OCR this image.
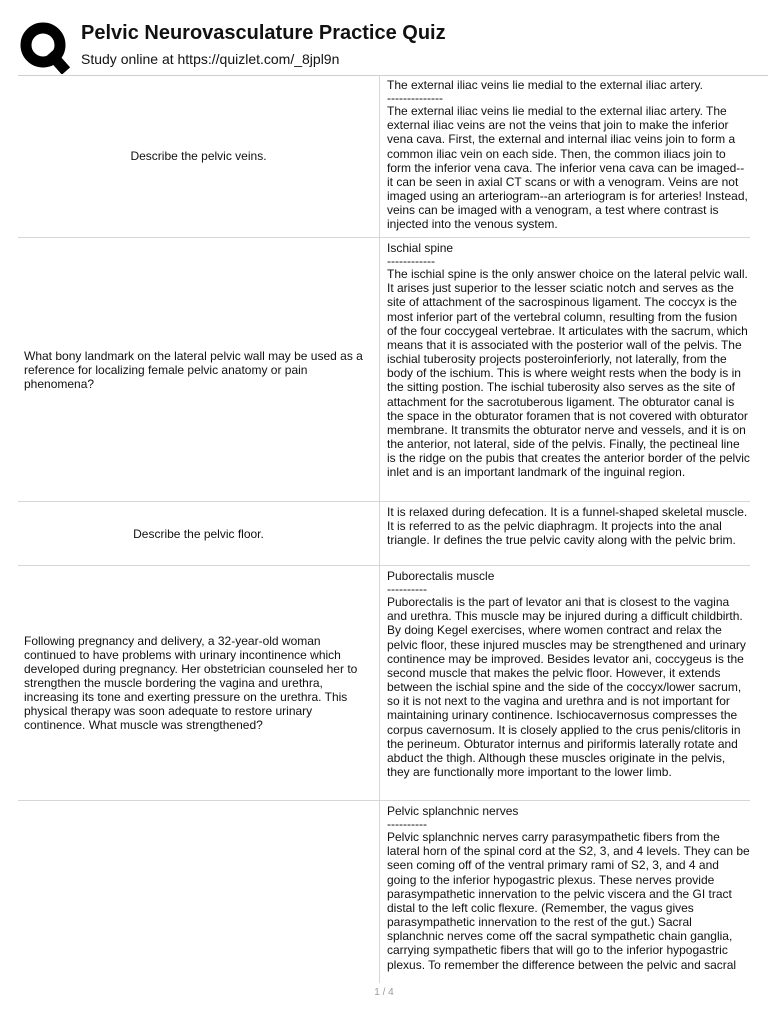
Pelvic Neurovasculature Practice Quiz
Study online at https://quizlet.com/_8jpl9n
Describe the pelvic veins.
The external iliac veins lie medial to the external iliac artery.
--------------
The external iliac veins lie medial to the external iliac artery. The external iliac veins are not the veins that join to make the inferior vena cava. First, the external and internal iliac veins join to form a common iliac vein on each side. Then, the common iliacs join to form the inferior vena cava. The inferior vena cava can be imaged--it can be seen in axial CT scans or with a venogram. Veins are not imaged using an arteriogram--an arteriogram is for arteries! Instead, veins can be imaged with a venogram, a test where contrast is injected into the venous system.
What bony landmark on the lateral pelvic wall may be used as a reference for localizing female pelvic anatomy or pain phenomena?
Ischial spine
------------
The ischial spine is the only answer choice on the lateral pelvic wall. It arises just superior to the lesser sciatic notch and serves as the site of attachment of the sacrospinous ligament. The coccyx is the most inferior part of the vertebral column, resulting from the fusion of the four coccygeal vertebrae. It articulates with the sacrum, which means that it is associated with the posterior wall of the pelvis. The ischial tuberosity projects posteroinferiorly, not laterally, from the body of the ischium. This is where weight rests when the body is in the sitting postion. The ischial tuberosity also serves as the site of attachment for the sacrotuberous ligament. The obturator canal is the space in the obturator foramen that is not covered with obturator membrane. It transmits the obturator nerve and vessels, and it is on the anterior, not lateral, side of the pelvis. Finally, the pectineal line is the ridge on the pubis that creates the anterior border of the pelvic inlet and is an important landmark of the inguinal region.
Describe the pelvic floor.
It is relaxed during defecation. It is a funnel-shaped skeletal muscle. It is referred to as the pelvic diaphragm. It projects into the anal triangle. Ir defines the true pelvic cavity along with the pelvic brim.
Following pregnancy and delivery, a 32-year-old woman continued to have problems with urinary incontinence which developed during pregnancy. Her obstetrician counseled her to strengthen the muscle bordering the vagina and urethra, increasing its tone and exerting pressure on the urethra. This physical therapy was soon adequate to restore urinary continence. What muscle was strengthened?
Puborectalis muscle
----------
Puborectalis is the part of levator ani that is closest to the vagina and urethra. This muscle may be injured during a difficult childbirth. By doing Kegel exercises, where women contract and relax the pelvic floor, these injured muscles may be strengthened and urinary continence may be improved. Besides levator ani, coccygeus is the second muscle that makes the pelvic floor. However, it extends between the ischial spine and the side of the coccyx/lower sacrum, so it is not next to the vagina and urethra and is not important for maintaining urinary continence. Ischiocavernosus compresses the corpus cavernosum. It is closely applied to the crus penis/clitoris in the perineum. Obturator internus and piriformis laterally rotate and abduct the thigh. Although these muscles originate in the pelvis, they are functionally more important to the lower limb.
Pelvic splanchnic nerves
----------
Pelvic splanchnic nerves carry parasympathetic fibers from the lateral horn of the spinal cord at the S2, 3, and 4 levels. They can be seen coming off of the ventral primary rami of S2, 3, and 4 and going to the inferior hypogastric plexus. These nerves provide parasympathetic innervation to the pelvic viscera and the GI tract distal to the left colic flexure. (Remember, the vagus gives parasympathetic innervation to the rest of the gut.) Sacral splanchnic nerves come off the sacral sympathetic chain ganglia, carrying sympathetic fibers that will go to the inferior hypogastric plexus. To remember the difference between the pelvic and sacral
1 / 4
